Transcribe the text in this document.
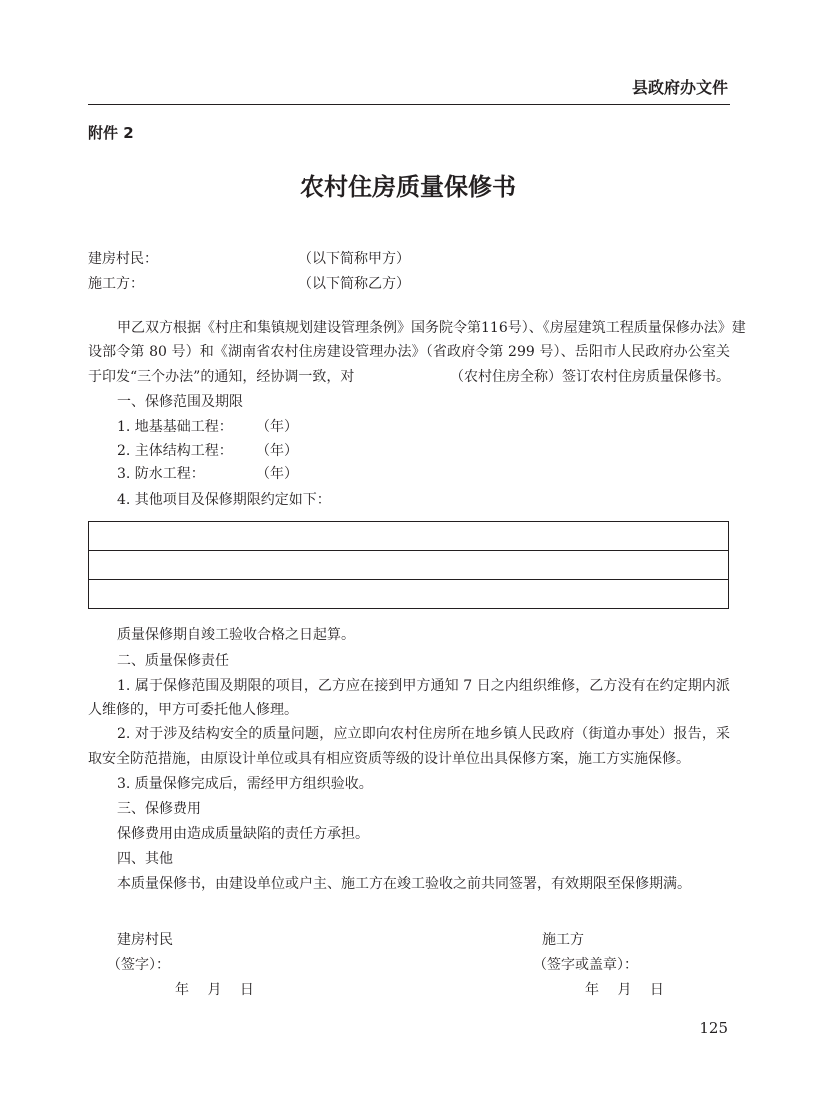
县政府办文件
附件 2
农村住房质量保修书
建房村民：	（以下简称甲方）
施工方：	（以下简称乙方）
甲乙双方根据《村庄和集镇规划建设管理条例》国务院令第116号）、《房屋建筑工程质量保修办法》建
设部令第 80 号）和《湖南省农村住房建设管理办法》（省政府令第 299 号）、岳阳市人民政府办公室关
于印发“三个办法”的通知，经协调一致，对	（农村住房全称）签订农村住房质量保修书。
一、保修范围及期限
1. 地基基础工程： （年）
2. 主体结构工程： （年）
3. 防水工程：	（年）
4. 其他项目及保修期限约定如下：

质量保修期自竣工验收合格之日起算。
二、质量保修责任
1. 属于保修范围及期限的项目，乙方应在接到甲方通知 7 日之内组织维修，乙方没有在约定期内派
人维修的，甲方可委托他人修理。
2. 对于涉及结构安全的质量问题，应立即向农村住房所在地乡镇人民政府（街道办事处）报告，采
取安全防范措施，由原设计单位或具有相应资质等级的设计单位出具保修方案，施工方实施保修。
3. 质量保修完成后，需经甲方组织验收。
三、保修费用
保修费用由造成质量缺陷的责任方承担。
四、其他
本质量保修书，由建设单位或户主、施工方在竣工验收之前共同签署，有效期限至保修期满。
建房村民
（签字）：
年　 月　 日
施工方
（签字或盖章）：
年　 月　 日
125
